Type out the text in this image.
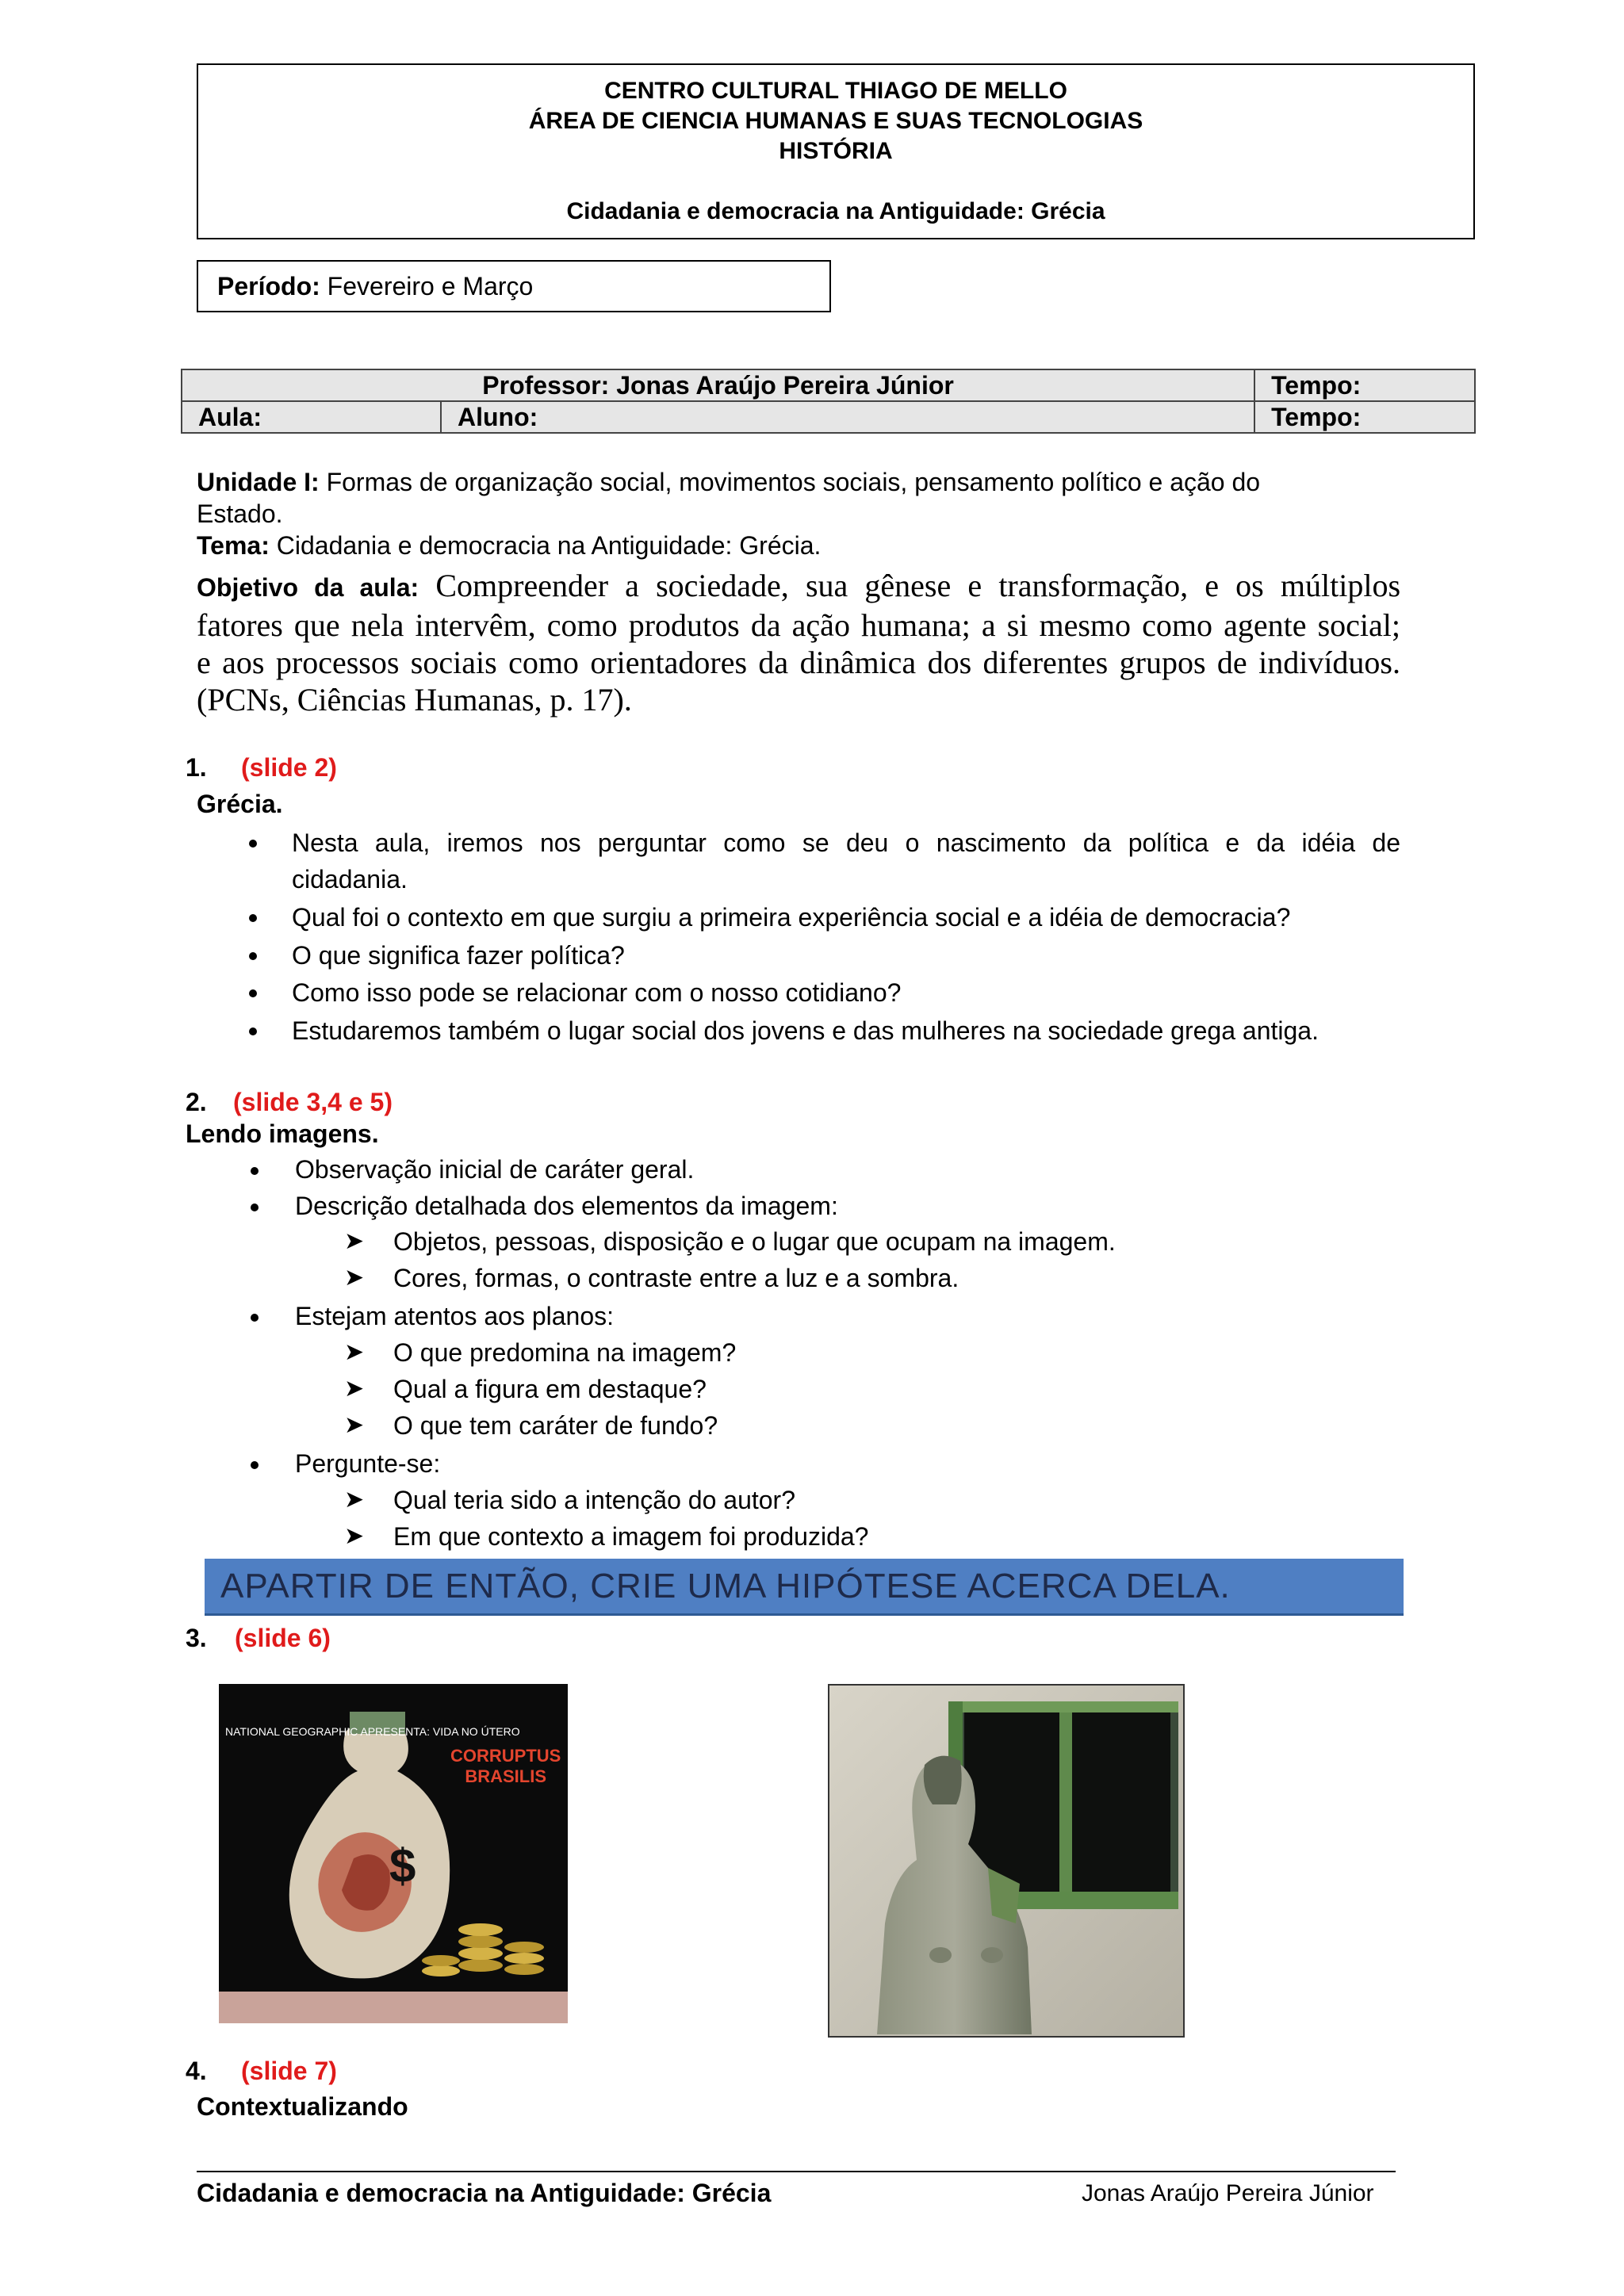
CENTRO CULTURAL THIAGO DE MELLO
ÁREA DE CIENCIA HUMANAS E SUAS TECNOLOGIAS
HISTÓRIA
Cidadania e democracia na Antiguidade: Grécia
Período: Fevereiro e Março
Professor: Jonas Araújo Pereira Júnior		Tempo:
Aula:	Aluno:	Tempo:
Unidade I: Formas de organização social, movimentos sociais, pensamento político e ação do
Estado.
Tema: Cidadania e democracia na Antiguidade: Grécia.
Objetivo da aula: Compreender a sociedade, sua gênese e transformação, e os múltiplos
fatores que nela intervêm, como produtos da ação humana; a si mesmo como agente social;
e aos processos sociais como orientadores da dinâmica dos diferentes grupos de indivíduos.
(PCNs, Ciências Humanas, p. 17).
1. (slide 2)
Grécia.
Nesta aula, iremos nos perguntar como se deu o nascimento da política e da idéia de
cidadania.
Qual foi o contexto em que surgiu a primeira experiência social e a idéia de democracia?
O que significa fazer política?
Como isso pode se relacionar com o nosso cotidiano?
Estudaremos também o lugar social dos jovens e das mulheres na sociedade grega antiga.
2. (slide 3,4 e 5)
Lendo imagens.
Observação inicial de caráter geral.
Descrição detalhada dos elementos da imagem:
➤ Objetos, pessoas, disposição e o lugar que ocupam na imagem.
➤ Cores, formas, o contraste entre a luz e a sombra.
Estejam atentos aos planos:
➤ O que predomina na imagem?
➤ Qual a figura em destaque?
➤ O que tem caráter de fundo?
Pergunte-se:
➤ Qual teria sido a intenção do autor?
➤ Em que contexto a imagem foi produzida?
APARTIR DE ENTÃO, CRIE UMA HIPÓTESE ACERCA DELA.
3. (slide 6)
$
NATIONAL GEOGRAPHIC APRESENTA: VIDA NO ÚTERO
CORRUPTUS
BRASILIS
4. (slide 7)
Contextualizando
Cidadania e democracia na Antiguidade: Grécia	Jonas Araújo Pereira Júnior
